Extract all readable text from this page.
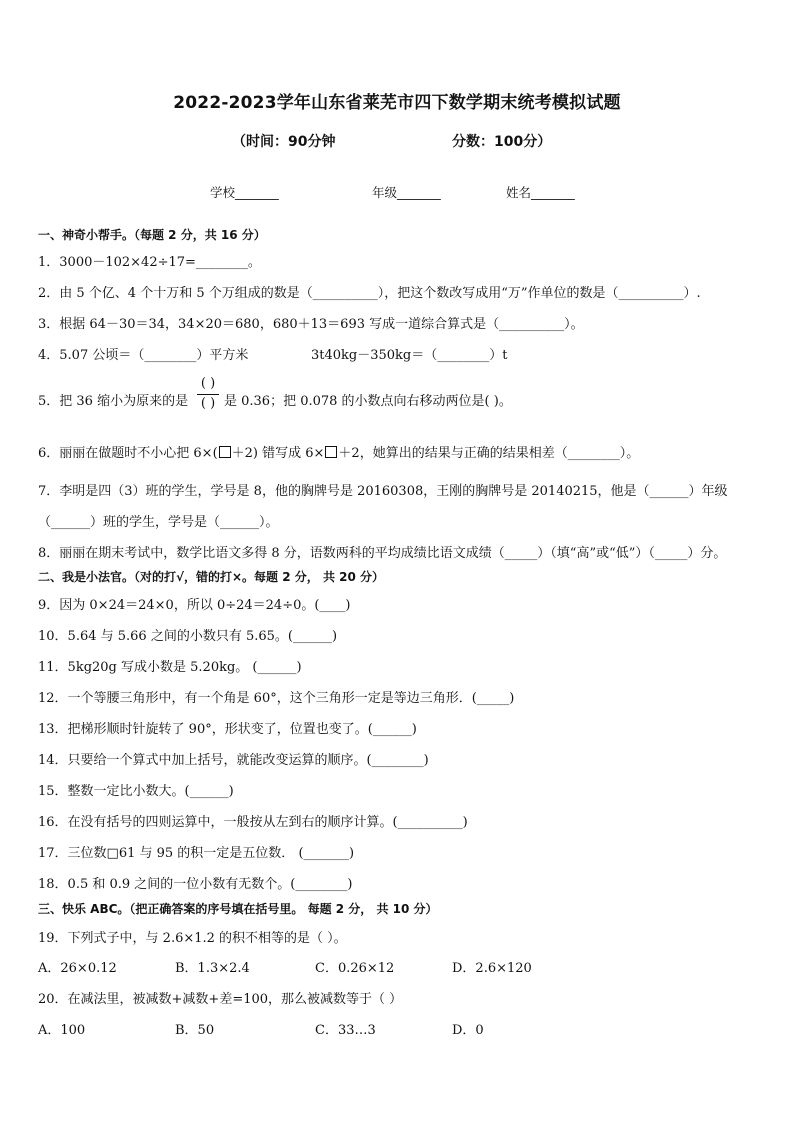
2022-2023学年山东省莱芜市四下数学期末统考模拟试题
（时间：90分钟	分数：100分）
学校_______	年级_______	姓名_______
一、神奇小帮手。（每题 2 分，共 16 分）
1．3000－102×42÷17=________。
2．由 5 个亿、4 个十万和 5 个万组成的数是（__________），把这个数改写成用“万”作单位的数是（__________）.
3．根据 64－30＝34，34×20＝680，680＋13＝693 写成一道综合算式是（__________）。
4．5.07 公顷＝（________）平方米	3t40kg－350kg＝（________）t
5．把 36 缩小为原来的是
( )
( ) 是 0.36；把 0.078 的小数点向右移动两位是( )。
6．丽丽在做题时不小心把 6×( ＋2) 错写成 6× ＋2，她算出的结果与正确的结果相差（________）。
7．李明是四（3）班的学生，学号是 8，他的胸牌号是 20160308，王刚的胸牌号是 20140215，他是（______）年级
（______）班的学生，学号是（______）。
8．丽丽在期末考试中，数学比语文多得 8 分，语数两科的平均成绩比语文成绩（_____）（填“高”或“低”）（_____）分。
二、我是小法官。（对的打√，错的打×。每题 2 分， 共 20 分）
9．因为 0×24＝24×0，所以 0÷24＝24÷0。(____)
10．5.64 与 5.66 之间的小数只有 5.65。(______)
11．5kg20g 写成小数是 5.20kg。 (______)
12．一个等腰三角形中，有一个角是 60°，这个三角形一定是等边三角形．(_____)
13．把梯形顺时针旋转了 90°，形状变了，位置也变了。(______)
14．只要给一个算式中加上括号，就能改变运算的顺序。(________)
15．整数一定比小数大。(______)
16．在没有括号的四则运算中，一般按从左到右的顺序计算。(__________)
17．三位数□61 与 95 的积一定是五位数． (_______)
18．0.5 和 0.9 之间的一位小数有无数个。(________)
三、快乐 ABC。（把正确答案的序号填在括号里。 每题 2 分， 共 10 分）
19．下列式子中，与 2.6×1.2 的积不相等的是（ ）。
A．26×0.12	B．1.3×2.4	C．0.26×12	D．2.6×120
20．在减法里，被减数+减数+差=100，那么被减数等于（ ）
A．100	B．50	C．33…3	D．0
